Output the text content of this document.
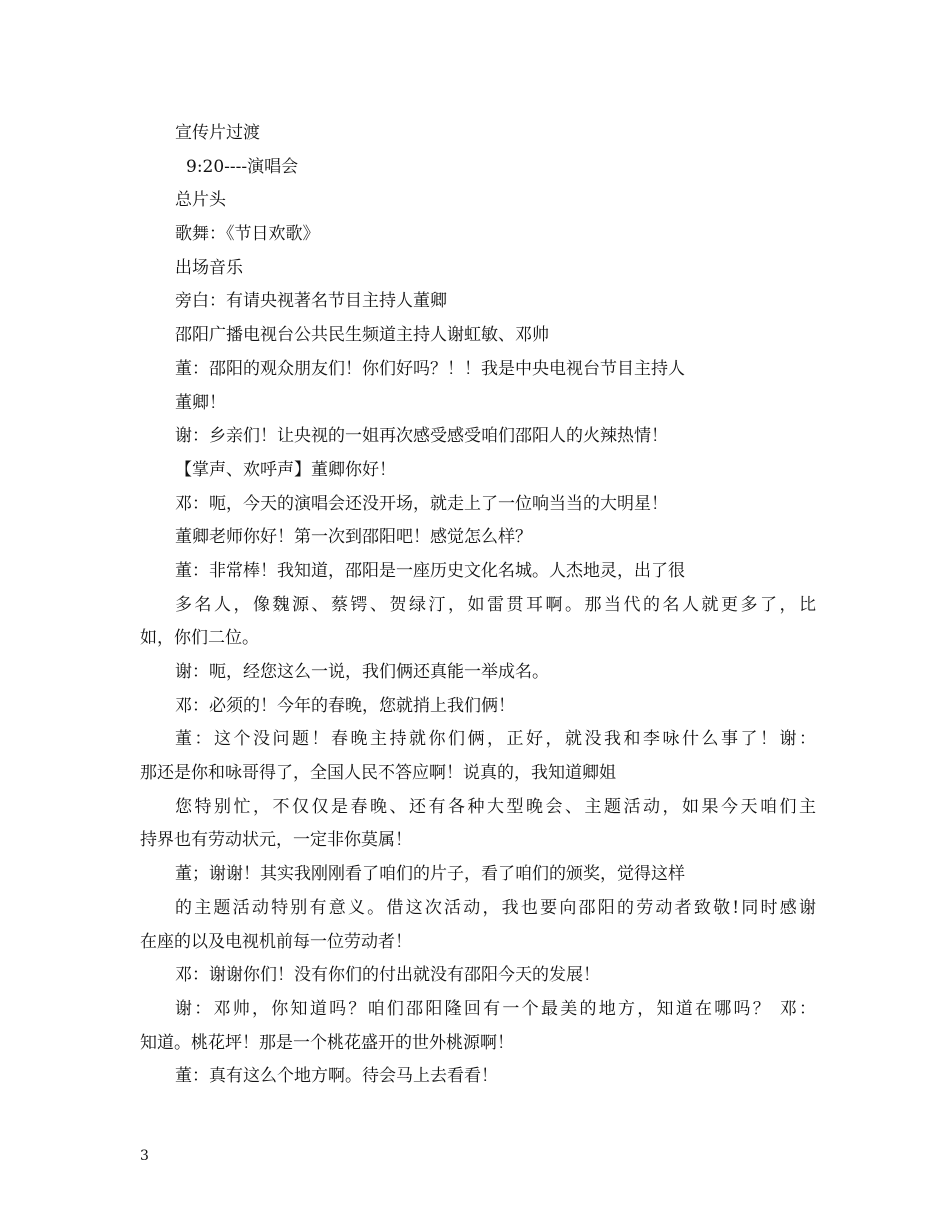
宣传片过渡
9:20----演唱会
总片头
歌舞：《节日欢歌》
出场音乐
旁白：有请央视著名节目主持人董卿
邵阳广播电视台公共民生频道主持人谢虹敏、邓帅
董：邵阳的观众朋友们！你们好吗？！！我是中央电视台节目主持人
董卿！
谢：乡亲们！让央视的一姐再次感受感受咱们邵阳人的火辣热情！
【掌声、欢呼声】董卿你好！
邓：呃，今天的演唱会还没开场，就走上了一位响当当的大明星！
董卿老师你好！第一次到邵阳吧！感觉怎么样？
董：非常棒！我知道，邵阳是一座历史文化名城。人杰地灵，出了很
多名人，像魏源、蔡锷、贺绿汀，如雷贯耳啊。那当代的名人就更多了，比
如，你们二位。
谢：呃，经您这么一说，我们俩还真能一举成名。
邓：必须的！今年的春晚，您就捎上我们俩！
董：这个没问题！春晚主持就你们俩，正好，就没我和李咏什么事了！谢：
那还是你和咏哥得了，全国人民不答应啊！说真的，我知道卿姐
您特别忙，不仅仅是春晚、还有各种大型晚会、主题活动，如果今天咱们主
持界也有劳动状元，一定非你莫属！
董；谢谢！其实我刚刚看了咱们的片子，看了咱们的颁奖，觉得这样
的主题活动特别有意义。借这次活动，我也要向邵阳的劳动者致敬!同时感谢
在座的以及电视机前每一位劳动者！
邓：谢谢你们！没有你们的付出就没有邵阳今天的发展！
谢：邓帅，你知道吗？咱们邵阳隆回有一个最美的地方，知道在哪吗？ 邓：
知道。桃花坪！那是一个桃花盛开的世外桃源啊！
董：真有这么个地方啊。待会马上去看看！
3
